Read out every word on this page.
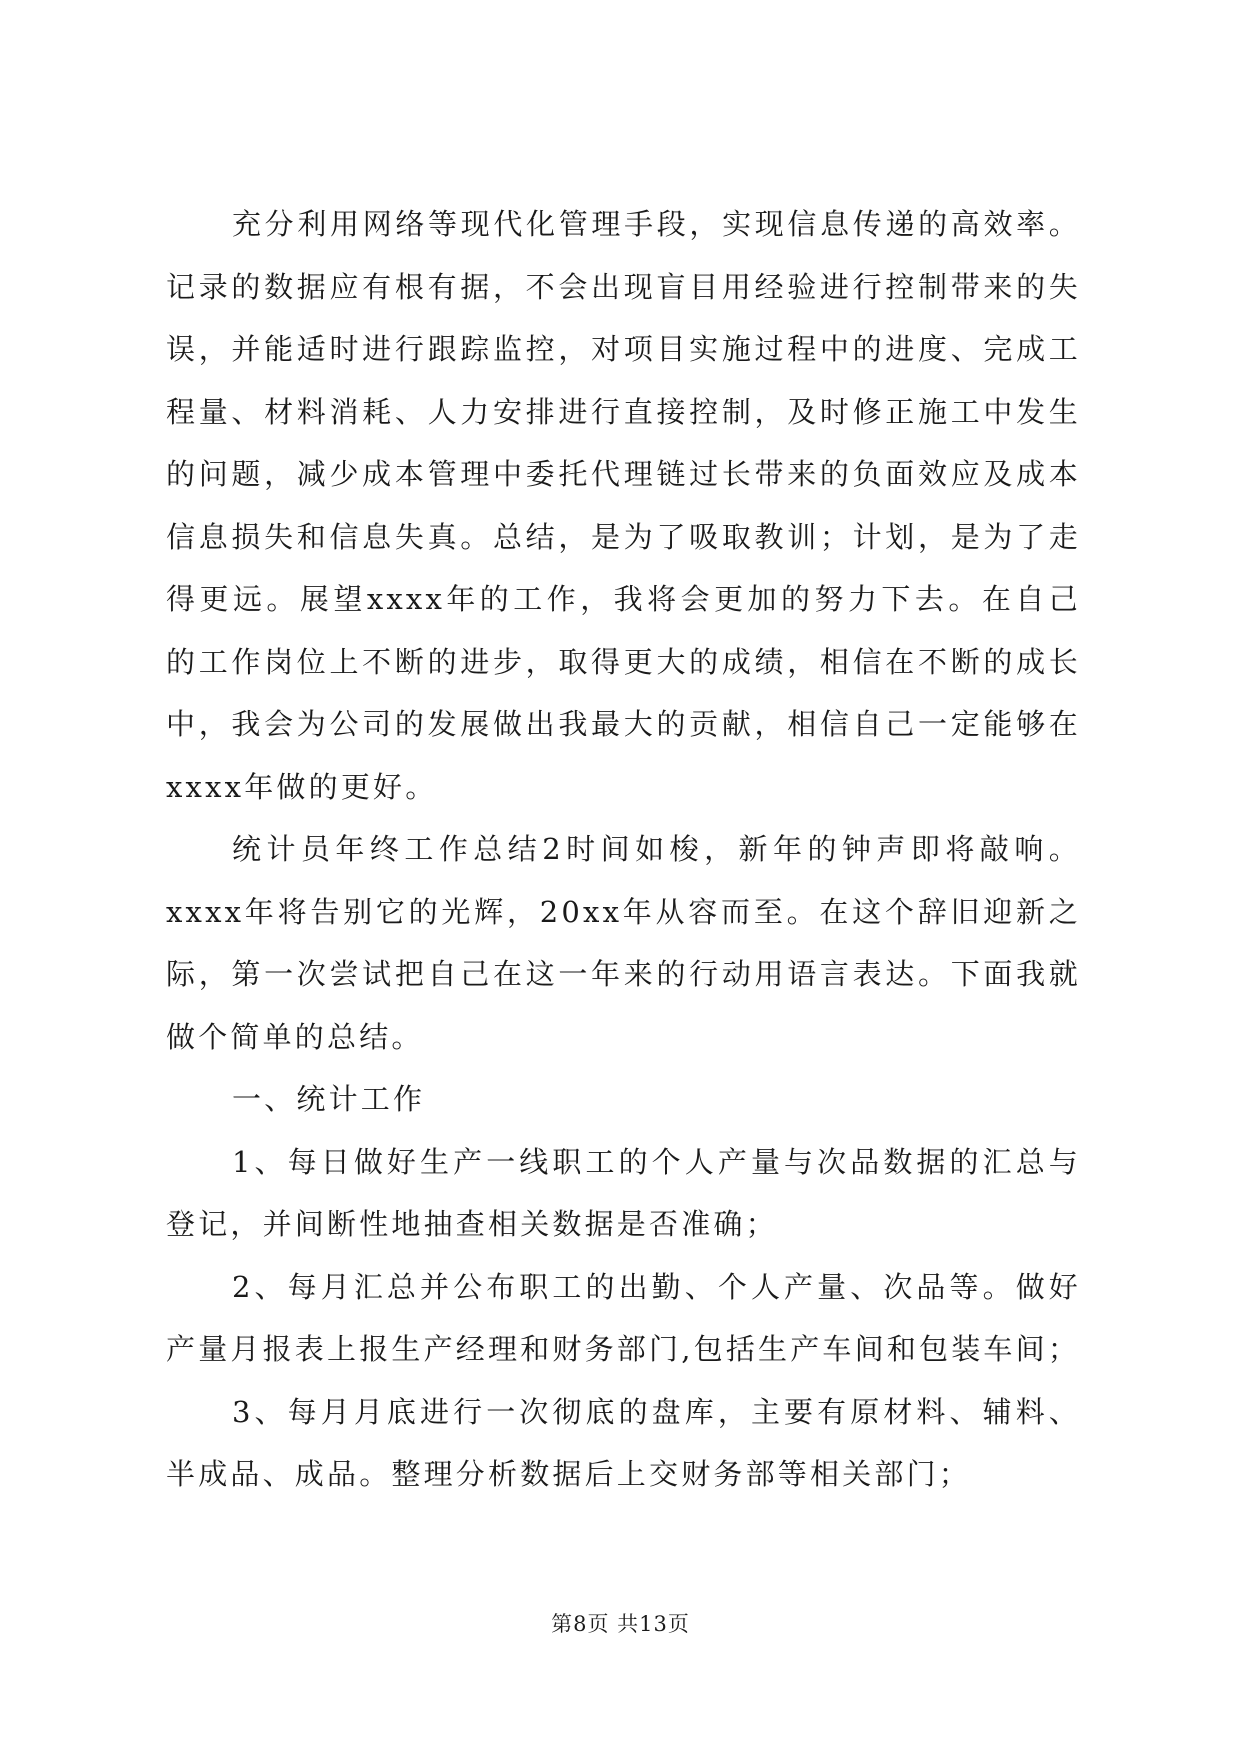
充分利用网络等现代化管理手段，实现信息传递的高效率。记录的数据应有根有据，不会出现盲目用经验进行控制带来的失误，并能适时进行跟踪监控，对项目实施过程中的进度、完成工程量、材料消耗、人力安排进行直接控制，及时修正施工中发生的问题，减少成本管理中委托代理链过长带来的负面效应及成本信息损失和信息失真。总结，是为了吸取教训；计划，是为了走得更远。展望xxxx年的工作，我将会更加的努力下去。在自己的工作岗位上不断的进步，取得更大的成绩，相信在不断的成长中，我会为公司的发展做出我最大的贡献，相信自己一定能够在xxxx年做的更好。

统计员年终工作总结2时间如梭，新年的钟声即将敲响。xxxx年将告别它的光辉，20xx年从容而至。在这个辞旧迎新之际，第一次尝试把自己在这一年来的行动用语言表达。下面我就做个简单的总结。

一、统计工作

1、每日做好生产一线职工的个人产量与次品数据的汇总与登记，并间断性地抽查相关数据是否准确；

2、每月汇总并公布职工的出勤、个人产量、次品等。做好产量月报表上报生产经理和财务部门,包括生产车间和包装车间；

3、每月月底进行一次彻底的盘库，主要有原材料、辅料、半成品、成品。整理分析数据后上交财务部等相关部门；

第8页 共13页
